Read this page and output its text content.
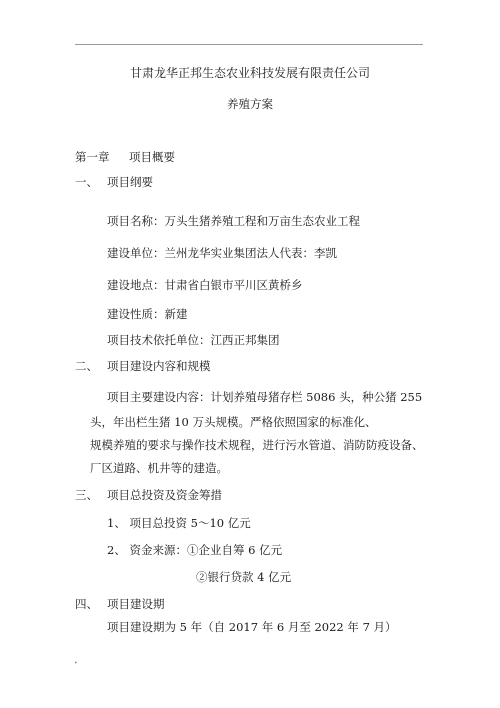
甘肃龙华正邦生态农业科技发展有限责任公司
养殖方案
第一章 项目概要
一、 项目纲要
项目名称：万头生猪养殖工程和万亩生态农业工程
建设单位：兰州龙华实业集团法人代表：李凯
建设地点：甘肃省白银市平川区黄桥乡
建设性质：新建
项目技术依托单位：江西正邦集团
二、 项目建设内容和规模
项目主要建设内容：计划养殖母猪存栏 5086 头，种公猪 255
头，年出栏生猪 10 万头规模。严格依照国家的标准化、
规模养殖的要求与操作技术规程，进行污水管道、消防防疫设备、
厂区道路、机井等的建造。
三、 项目总投资及资金筹措
1、 项目总投资 5～10 亿元
2、 资金来源：①企业自筹 6 亿元
②银行贷款 4 亿元
四、 项目建设期
项目建设期为 5 年（自 2017 年 6 月至 2022 年 7 月）
•
